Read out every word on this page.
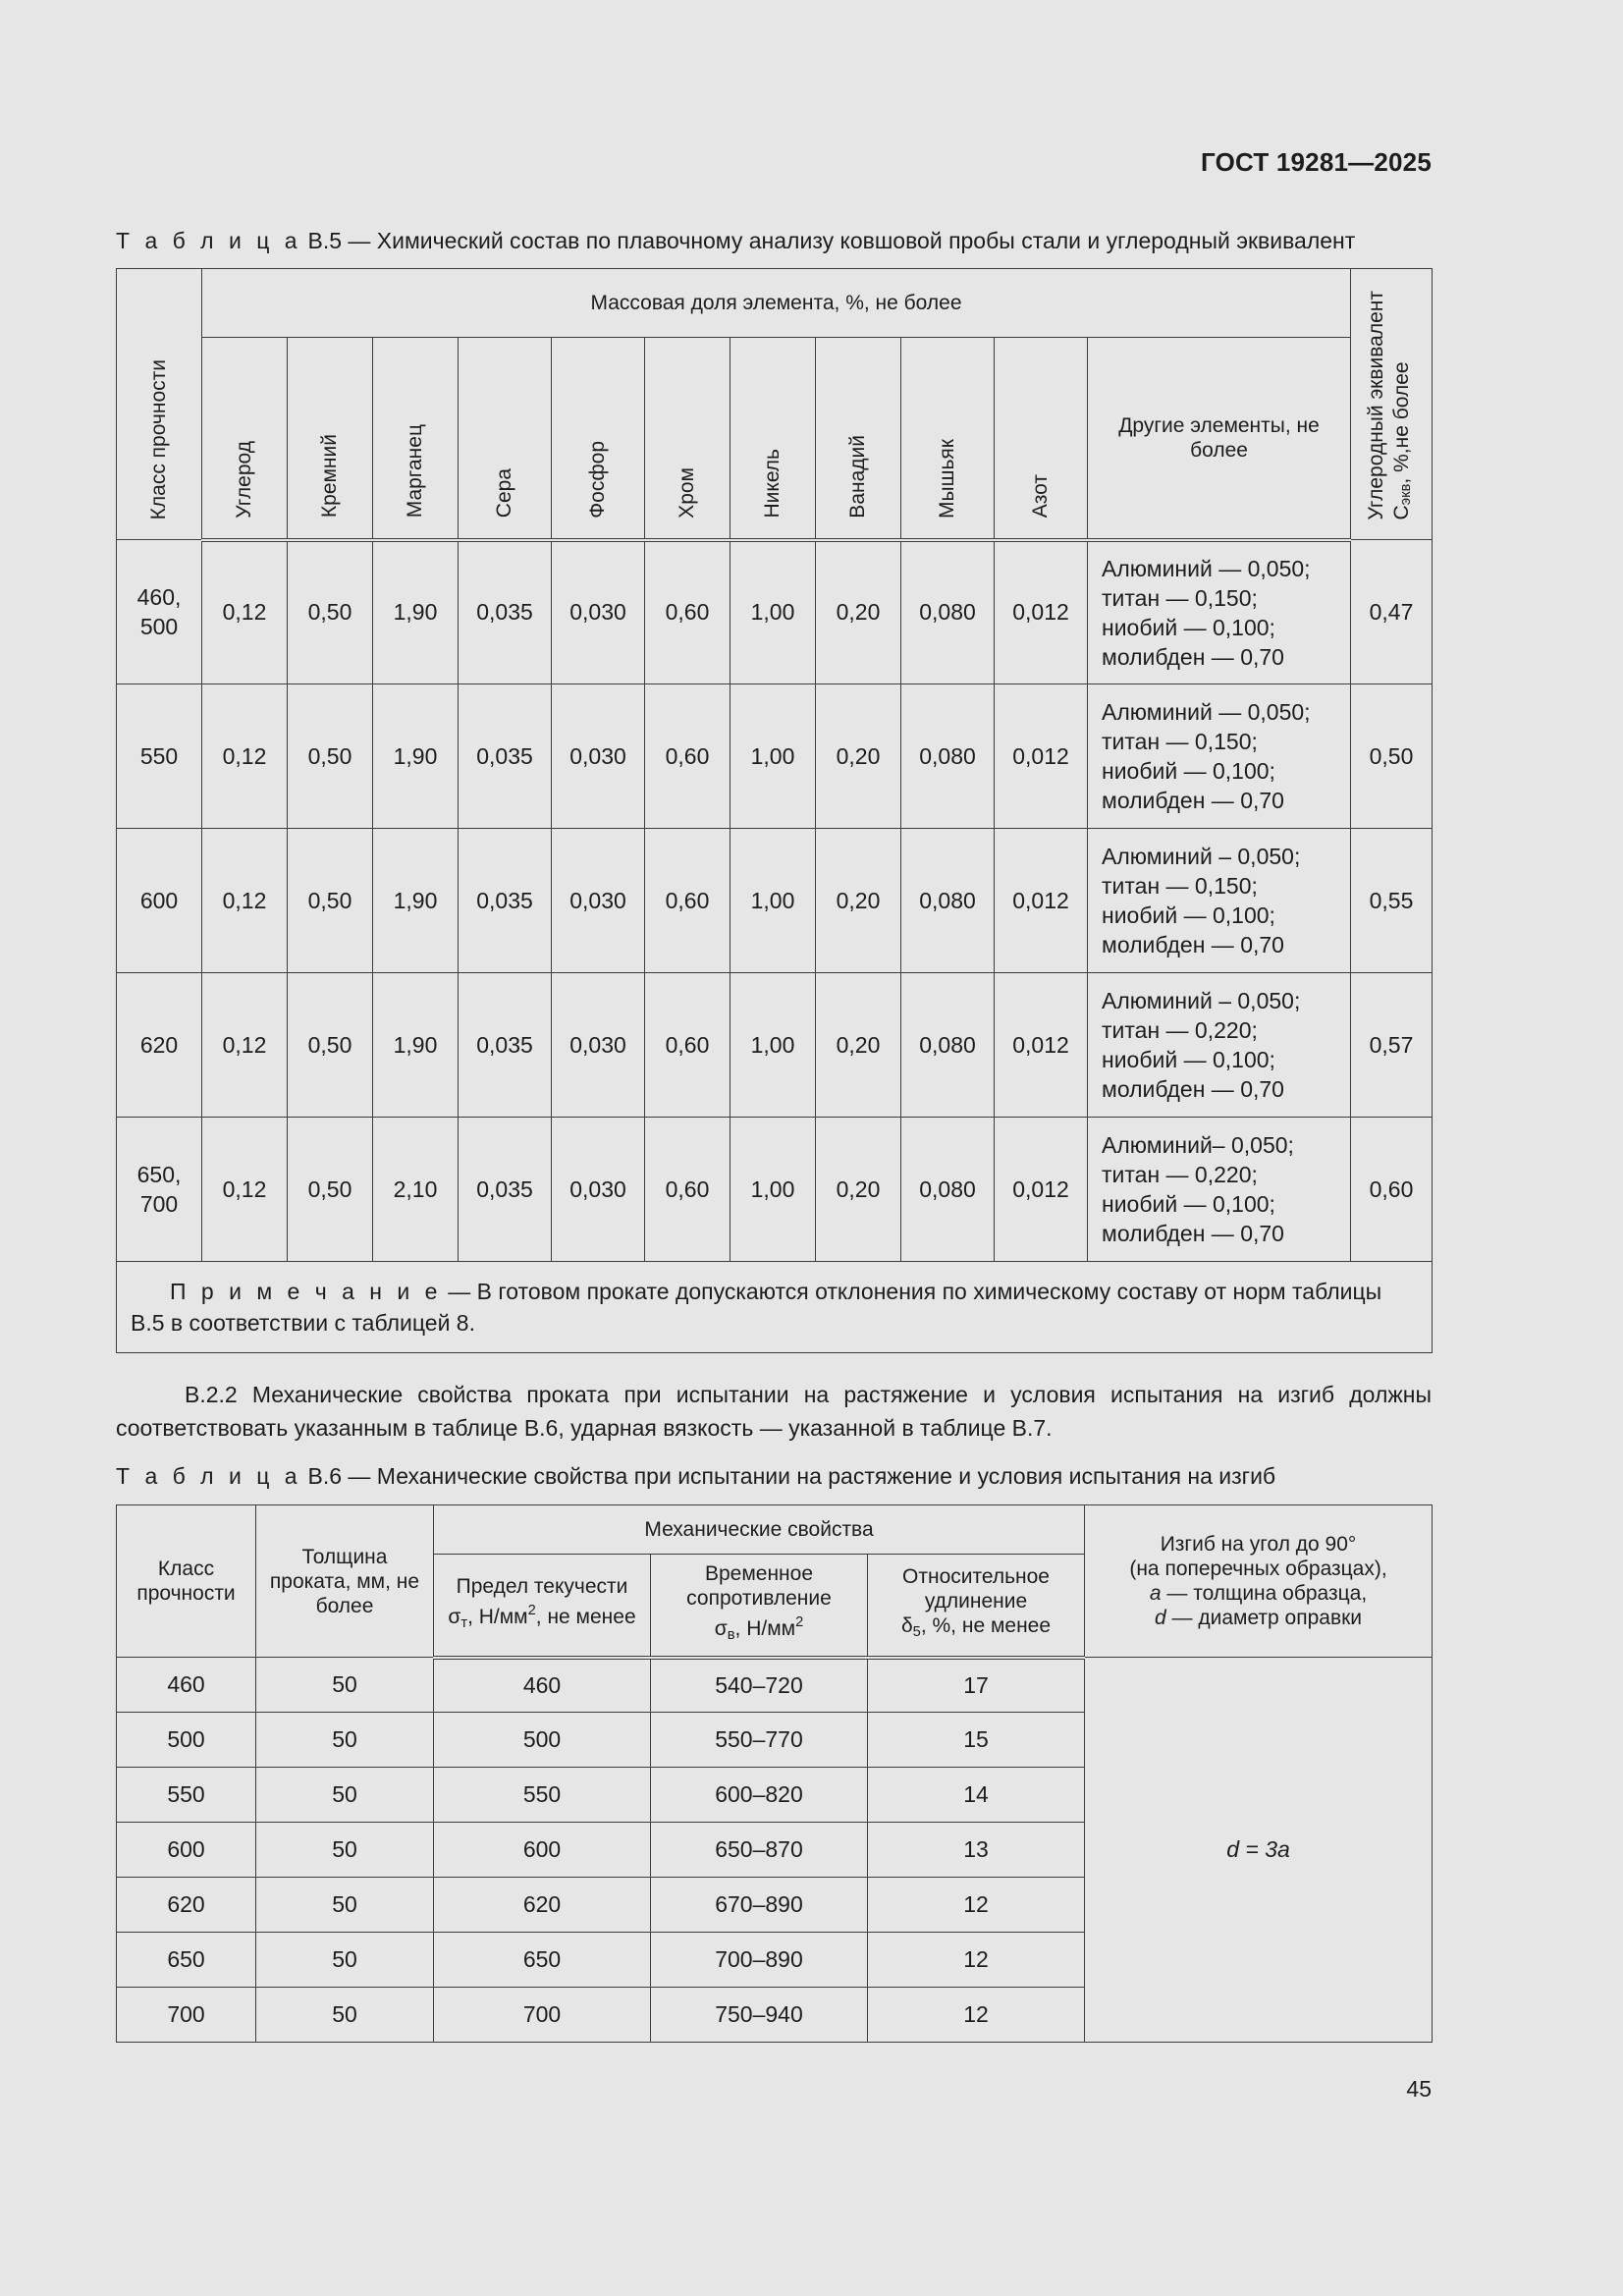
ГОСТ 19281—2025
Т а б л и ц а В.5 — Химический состав по плавочному анализу ковшовой пробы стали и углеродный эквивалент
Класс прочности	Массовая доля элемента, %, не более											Углеродный эквивалент $С_{экв}$, %,не более
	Углерод	Кремний	Марганец	Сера	Фосфор	Хром	Никель	Ванадий	Мышьяк	Азот	Другие элементы, не более	
460, 500	0,12	0,50	1,90	0,035	0,030	0,60	1,00	0,20	0,080	0,012	Алюминий — 0,050;
титан — 0,150;
ниобий — 0,100;
молибден — 0,70	0,47
550	0,12	0,50	1,90	0,035	0,030	0,60	1,00	0,20	0,080	0,012	Алюминий — 0,050;
титан — 0,150;
ниобий — 0,100;
молибден — 0,70	0,50
600	0,12	0,50	1,90	0,035	0,030	0,60	1,00	0,20	0,080	0,012	Алюминий – 0,050;
титан — 0,150;
ниобий — 0,100;
молибден — 0,70	0,55
620	0,12	0,50	1,90	0,035	0,030	0,60	1,00	0,20	0,080	0,012	Алюминий – 0,050;
титан — 0,220;
ниобий — 0,100;
молибден — 0,70	0,57
650, 700	0,12	0,50	2,10	0,035	0,030	0,60	1,00	0,20	0,080	0,012	Алюминий– 0,050;
титан — 0,220;
ниобий — 0,100;
молибден — 0,70	0,60
П р и м е ч а н и е — В готовом прокате допускаются отклонения по химическому составу от норм таблицы В.5 в соответствии с таблицей 8.												
В.2.2 Механические свойства проката при испытании на растяжение и условия испытания на изгиб должны соответствовать указанным в таблице В.6, ударная вязкость — указанной в таблице В.7.
Т а б л и ц а В.6 — Механические свойства при испытании на растяжение и условия испытания на изгиб
Класс прочности	Толщина проката, мм, не более	Механические свойства			Изгиб на угол до 90°
(на поперечных образцах),
a — толщина образца,
d — диаметр оправки
		Предел текучести
$\sigma_т$, $Н/мм^2$, не менее	Временное сопротивление
$\sigma_в$, $Н/мм^2$	Относительное удлинение
$\delta_5$, %, не менее	
460	50	460	540–720	17	d = 3a
500	50	500	550–770	15	
550	50	550	600–820	14	
600	50	600	650–870	13	
620	50	620	670–890	12	
650	50	650	700–890	12	
700	50	700	750–940	12	
45
